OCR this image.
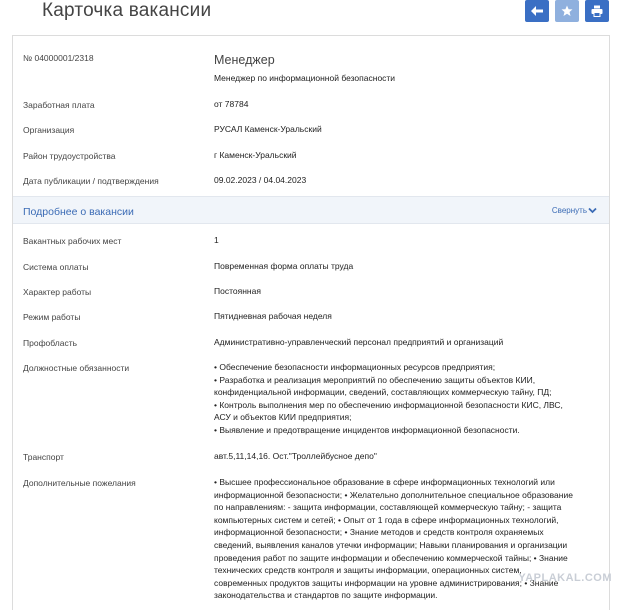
Карточка вакансии
№ 04000001/2318	Менеджер
Менеджер по информационной безопасности
Заработная плата	от 78784
Организация	РУСАЛ Каменск-Уральский
Район трудоустройства	г Каменск-Уральский
Дата публикации / подтверждения	09.02.2023 / 04.04.2023
Подробнее о вакансии	Свернуть
Вакантных рабочих мест	1
Система оплаты	Повременная форма оплаты труда
Характер работы	Постоянная
Режим работы	Пятидневная рабочая неделя
Профобласть	Административно-управленческий персонал предприятий и организаций
Должностные обязанности	• Обеспечение безопасности информационных ресурсов предприятия;
• Разработка и реализация мероприятий по обеспечению защиты объектов КИИ,
конфиденциальной информации, сведений, составляющих коммерческую тайну, ПД;
• Контроль выполнения мер по обеспечению информационной безопасности КИС, ЛВС,
АСУ и объектов КИИ предприятия;
• Выявление и предотвращение инцидентов информационной безопасности.
Транспорт	авт.5,11,14,16. Ост."Троллейбусное депо"
Дополнительные пожелания	• Высшее профессиональное образование в сфере информационных технологий или
информационной безопасности; • Желательно дополнительное специальное образование
по направлениям: - защита информации, составляющей коммерческую тайну; - защита
компьютерных систем и сетей; • Опыт от 1 года в сфере информационных технологий,
информационной безопасности; • Знание методов и средств контроля охраняемых
сведений, выявления каналов утечки информации; Навыки планирования и организации
проведения работ по защите информации и обеспечению коммерческой тайны; • Знание
технических средств контроля и защиты информации, операционных систем,
современных продуктов защиты информации на уровне администрирования; • Знание
законодательства и стандартов по защите информации.
YAPLAKAL.COM
